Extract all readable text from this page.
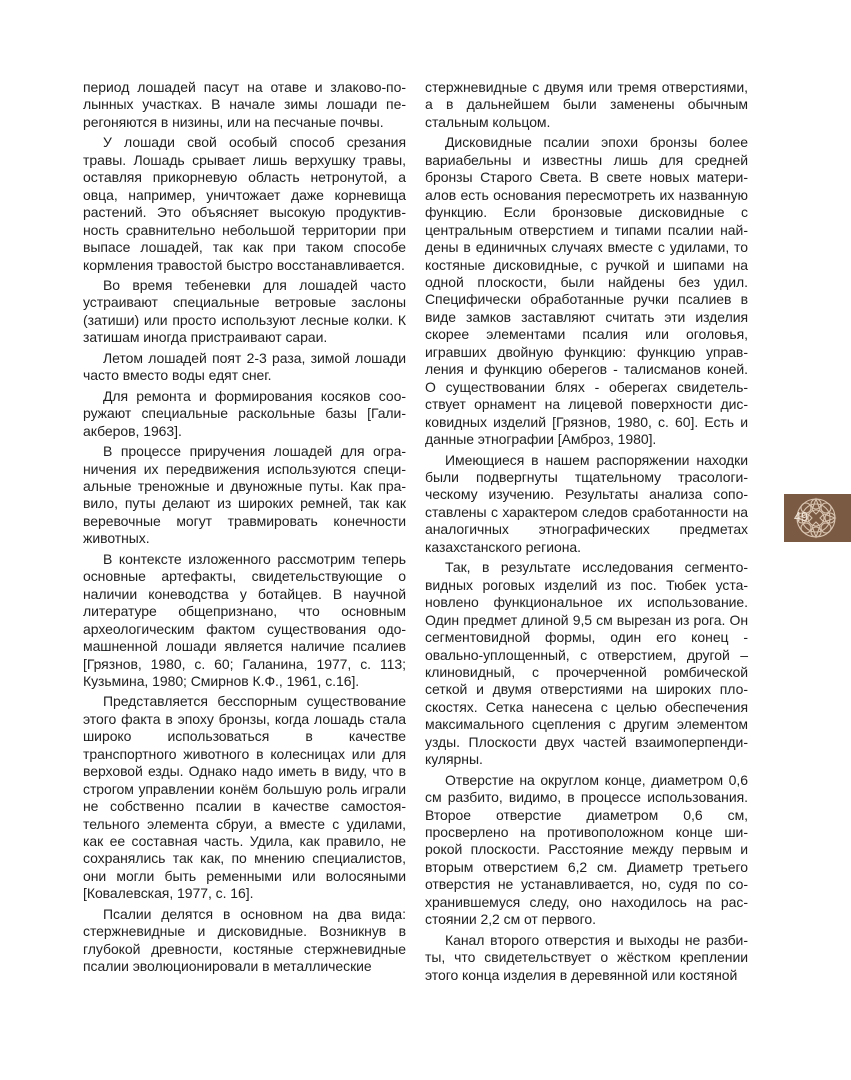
период лошадей пасут на отаве и злаково-полынных участках. В начале зимы лошади перегоняются в низины, или на песчаные почвы.

У лошади свой особый способ срезания травы. Лошадь срывает лишь верхушку травы, оставляя прикорневую область нетронутой, а овца, например, уничтожает даже корневища растений. Это объясняет высокую продуктивность сравнительно небольшой территории при выпасе лошадей, так как при таком способе кормления травостой быстро восстанавливается.

Во время тебеневки для лошадей часто устраивают специальные ветровые заслоны (затиши) или просто используют лесные колки. К затишам иногда пристраивают сараи.

Летом лошадей поят 2-3 раза, зимой лошади часто вместо воды едят снег.

Для ремонта и формирования косяков сооружают специальные раскольные базы [Галиакберов, 1963].

В процессе приручения лошадей для ограничения их передвижения используются специальные треножные и двуножные путы. Как правило, путы делают из широких ремней, так как веревочные могут травмировать конечности животных.

В контексте изложенного рассмотрим теперь основные артефакты, свидетельствующие о наличии коневодства у ботайцев. В научной литературе общепризнано, что основным археологическим фактом существования одомашненной лошади является наличие псалиев [Грязнов, 1980, с. 60; Галанина, 1977, с. 113; Кузьмина, 1980; Смирнов К.Ф., 1961, с.16].

Представляется бесспорным существование этого факта в эпоху бронзы, когда лошадь стала широко использоваться в качестве транспортного животного в колесницах или для верховой езды. Однако надо иметь в виду, что в строгом управлении конём большую роль играли не собственно псалии в качестве самостоятельного элемента сбруи, а вместе с удилами, как ее составная часть. Удила, как правило, не сохранялись так как, по мнению специалистов, они могли быть ременными или волосяными [Ковалевская, 1977, с. 16].

Псалии делятся в основном на два вида: стержневидные и дисковидные. Возникнув в глубокой древности, костяные стержневидные псалии эволюционировали в металлические

стержневидные с двумя или тремя отверстиями, а в дальнейшем были заменены обычным стальным кольцом.

Дисковидные псалии эпохи бронзы более вариабельны и известны лишь для средней бронзы Старого Света. В свете новых материалов есть основания пересмотреть их названную функцию. Если бронзовые дисковидные с центральным отверстием и типами псалии найдены в единичных случаях вместе с удилами, то костяные дисковидные, с ручкой и шипами на одной плоскости, были найдены без удил. Специфически обработанные ручки псалиев в виде замков заставляют считать эти изделия скорее элементами псалия или оголовья, игравших двойную функцию: функцию управления и функцию оберегов - талисманов коней. О существовании блях - оберегах свидетельствует орнамент на лицевой поверхности дисковидных изделий [Грязнов, 1980, с. 60]. Есть и данные этнографии [Амброз, 1980].

Имеющиеся в нашем распоряжении находки были подвергнуты тщательному трасологическому изучению. Результаты анализа сопоставлены с характером следов сработанности на аналогичных этнографических предметах казахстанского региона.

Так, в результате исследования сегментовидных роговых изделий из пос. Тюбек установлено функциональное их использование. Один предмет длиной 9,5 см вырезан из рога. Он сегментовидной формы, один его конец - овально-уплощенный, с отверстием, другой – клиновидный, с прочерченной ромбической сеткой и двумя отверстиями на широких плоскостях. Сетка нанесена с целью обеспечения максимального сцепления с другим элементом узды. Плоскости двух частей взаимоперпендикулярны.

Отверстие на округлом конце, диаметром 0,6 см разбито, видимо, в процессе использования. Второе отверстие диаметром 0,6 см, просверлено на противоположном конце широкой плоскости. Расстояние между первым и вторым отверстием 6,2 см. Диаметр третьего отверстия не устанавливается, но, судя по сохранившемуся следу, оно находилось на расстоянии 2,2 см от первого.

Канал второго отверстия и выходы не разбиты, что свидетельствует о жёстком креплении этого конца изделия в деревянной или костяной

49
